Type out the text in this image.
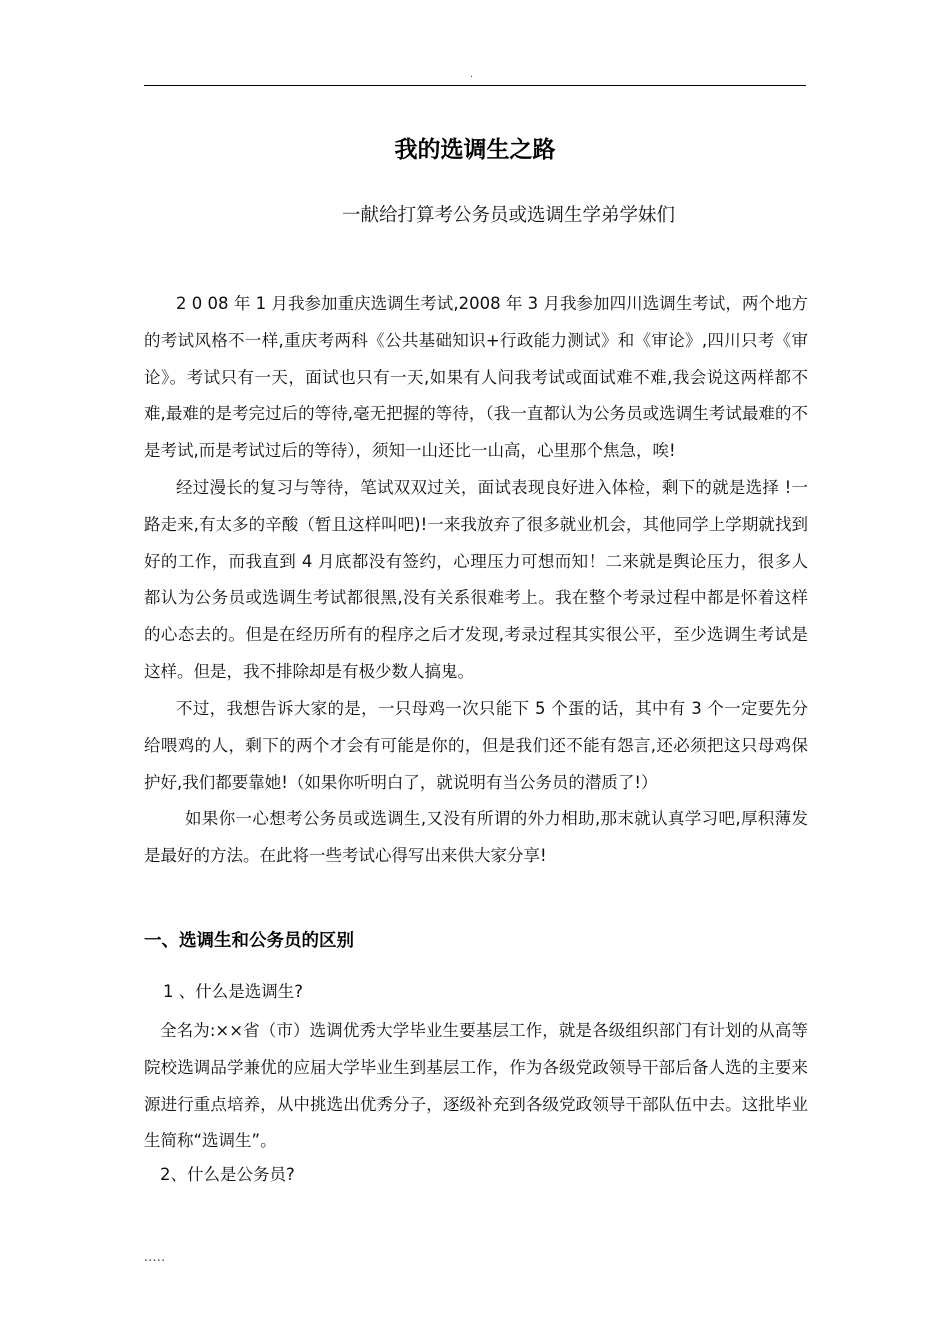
.
我的选调生之路
一献给打算考公务员或选调生学弟学妹们

2 0 08 年 1 月我参加重庆选调生考试,2008 年 3 月我参加四川选调生考试，两个地方的考试风格不一样,重庆考两科《公共基础知识+行政能力测试》和《审论》,四川只考《审论》。考试只有一天，面试也只有一天,如果有人问我考试或面试难不难,我会说这两样都不难,最难的是考完过后的等待,毫无把握的等待，（我一直都认为公务员或选调生考试最难的不是考试,而是考试过后的等待），须知一山还比一山高，心里那个焦急，唉!

经过漫长的复习与等待，笔试双双过关，面试表现良好进入体检，剩下的就是选择 !一路走来,有太多的辛酸（暂且这样叫吧)!一来我放弃了很多就业机会，其他同学上学期就找到好的工作，而我直到 4 月底都没有签约，心理压力可想而知！二来就是舆论压力，很多人都认为公务员或选调生考试都很黑,没有关系很难考上。我在整个考录过程中都是怀着这样的心态去的。但是在经历所有的程序之后才发现,考录过程其实很公平，至少选调生考试是这样。但是，我不排除却是有极少数人搞鬼。

不过，我想告诉大家的是，一只母鸡一次只能下 5 个蛋的话，其中有 3 个一定要先分给喂鸡的人，剩下的两个才会有可能是你的，但是我们还不能有怨言,还必须把这只母鸡保护好,我们都要靠她!（如果你听明白了，就说明有当公务员的潜质了!）

如果你一心想考公务员或选调生,又没有所谓的外力相助,那末就认真学习吧,厚积薄发是最好的方法。在此将一些考试心得写出来供大家分享!

一、选调生和公务员的区别
1 、什么是选调生?

全名为:××省（市）选调优秀大学毕业生要基层工作，就是各级组织部门有计划的从高等院校选调品学兼优的应届大学毕业生到基层工作，作为各级党政领导干部后备人选的主要来源进行重点培养，从中挑选出优秀分子，逐级补充到各级党政领导干部队伍中去。这批毕业生简称“选调生”。

2、什么是公务员?
.....
